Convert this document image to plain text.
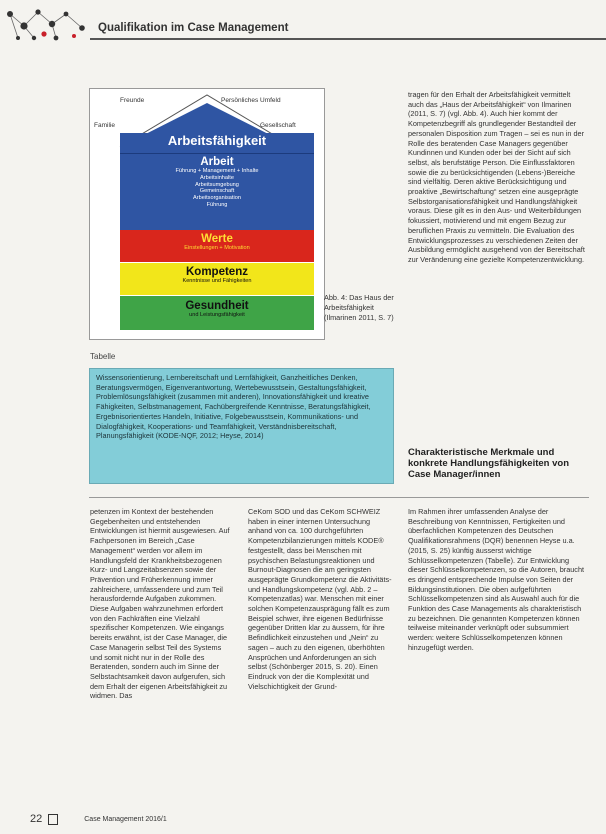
Qualifikation im Case Management
Freunde	Persönliches Umfeld
Familie	Gesellschaft
Arbeitsfähigkeit
Arbeit
Führung + Management + Inhalte
Arbeitsinhalte
Arbeitsumgebung
Gemeinschaft
Arbeitsorganisation
Führung
Werte
Einstellungen + Motivation
Kompetenz
Kenntnisse und Fähigkeiten
Gesundheit
und Leistungsfähigkeit
Abb. 4: Das Haus der Arbeitsfähigkeit (Ilmarinen 2011, S. 7)
Tabelle
Wissensorientierung, Lernbereitschaft und Lernfähigkeit, Ganzheitliches Denken, Beratungsvermögen, Eigenverantwortung, Wertebewusstsein, Gestaltungsfähigkeit, Problemlösungsfähigkeit (zusammen mit anderen), Innovationsfähigkeit und kreative Fähigkeiten, Selbstmanagement, Fachübergreifende Kenntnisse, Beratungsfähigkeit, Ergebnisorientiertes Handeln, Initiative, Folgebewusstsein, Kommunikations- und Dialogfähigkeit, Kooperations- und Teamfähigkeit, Verständnisbereitschaft, Planungsfähigkeit (KODE-NQF, 2012; Heyse, 2014)

tragen für den Erhalt der Arbeitsfähigkeit vermittelt auch das „Haus der Arbeitsfähigkeit“ von Ilmarinen (2011, S. 7) (vgl. Abb. 4). Auch hier kommt der Kompetenzbegriff als grundlegender Bestandteil der personalen Disposition zum Tragen – sei es nun in der Rolle des beratenden Case Managers gegenüber Kundinnen und Kunden oder bei der Sicht auf sich selbst, als berufstätige Person. Die Einflussfaktoren sowie die zu berücksichtigenden (Lebens-)Bereiche sind vielfältig. Deren aktive Berücksichtigung und proaktive „Bewirtschaftung“ setzen eine ausgeprägte Selbstorganisationsfähigkeit und Handlungsfähigkeit voraus. Diese gilt es in den Aus- und Weiterbildungen fokussiert, motivierend und mit engem Bezug zur beruflichen Praxis zu vermitteln. Die Evaluation des Entwicklungsprozesses zu verschiedenen Zeiten der Ausbildung ermöglicht ausgehend von der Bereitschaft zur Veränderung eine gezielte Kompetenzentwicklung.

Charakteristische Merkmale und konkrete Handlungsfähigkeiten von Case Manager/innen

petenzen im Kontext der bestehenden Gegebenheiten und entstehenden Entwicklungen ist hiermit ausgewiesen. Auf Fachpersonen im Bereich „Case Management“ werden vor allem im Handlungsfeld der Krankheitsbezogenen Kurz- und Langzeitabsenzen sowie der Prävention und Früherkennung immer zahlreichere, umfassendere und zum Teil herausfordernde Aufgaben zukommen. Diese Aufgaben wahrzunehmen erfordert von den Fachkräften eine Vielzahl spezifischer Kompetenzen. Wie eingangs bereits erwähnt, ist der Case Manager, die Case Managerin selbst Teil des Systems und somit nicht nur in der Rolle des Beratenden, sondern auch im Sinne der Selbstachtsamkeit davon aufgerufen, sich dem Erhalt der eigenen Arbeitsfähigkeit zu widmen. Das

CeKom SOD und das CeKom SCHWEIZ haben in einer internen Untersuchung anhand von ca. 100 durchgeführten Kompetenzbilanzierungen mittels KODE® festgestellt, dass bei Menschen mit psychischen Belastungsreaktionen und Burnout-Diagnosen die am geringsten ausgeprägte Grundkompetenz die Aktivitäts- und Handlungskompetenz (vgl. Abb. 2 – Kompetenzatlas) war. Menschen mit einer solchen Kompetenzausprägung fällt es zum Beispiel schwer, ihre eigenen Bedürfnisse gegenüber Dritten klar zu äussern, für ihre Befindlichkeit einzustehen und „Nein“ zu sagen – auch zu den eigenen, überhöhten Ansprüchen und Anforderungen an sich selbst (Schönberger 2015, S. 20). Einen Eindruck von der die Komplexität und Vielschichtigkeit der Grund-

Im Rahmen ihrer umfassenden Analyse der Beschreibung von Kenntnissen, Fertigkeiten und überfachlichen Kompetenzen des Deutschen Qualifikationsrahmens (DQR) benennen Heyse u.a. (2015, S. 25) künftig äusserst wichtige Schlüsselkompetenzen (Tabelle). Zur Entwicklung dieser Schlüsselkompetenzen, so die Autoren, braucht es dringend entsprechende Impulse von Seiten der Bildungsinstitutionen. Die oben aufgeführten Schlüsselkompetenzen sind als Auswahl auch für die Funktion des Case Managements als charakteristisch zu bezeichnen. Die genannten Kompetenzen können teilweise miteinander verknüpft oder subsummiert werden: weitere Schlüsselkompetenzen können hinzugefügt werden.

22	Case Management 2016/1
